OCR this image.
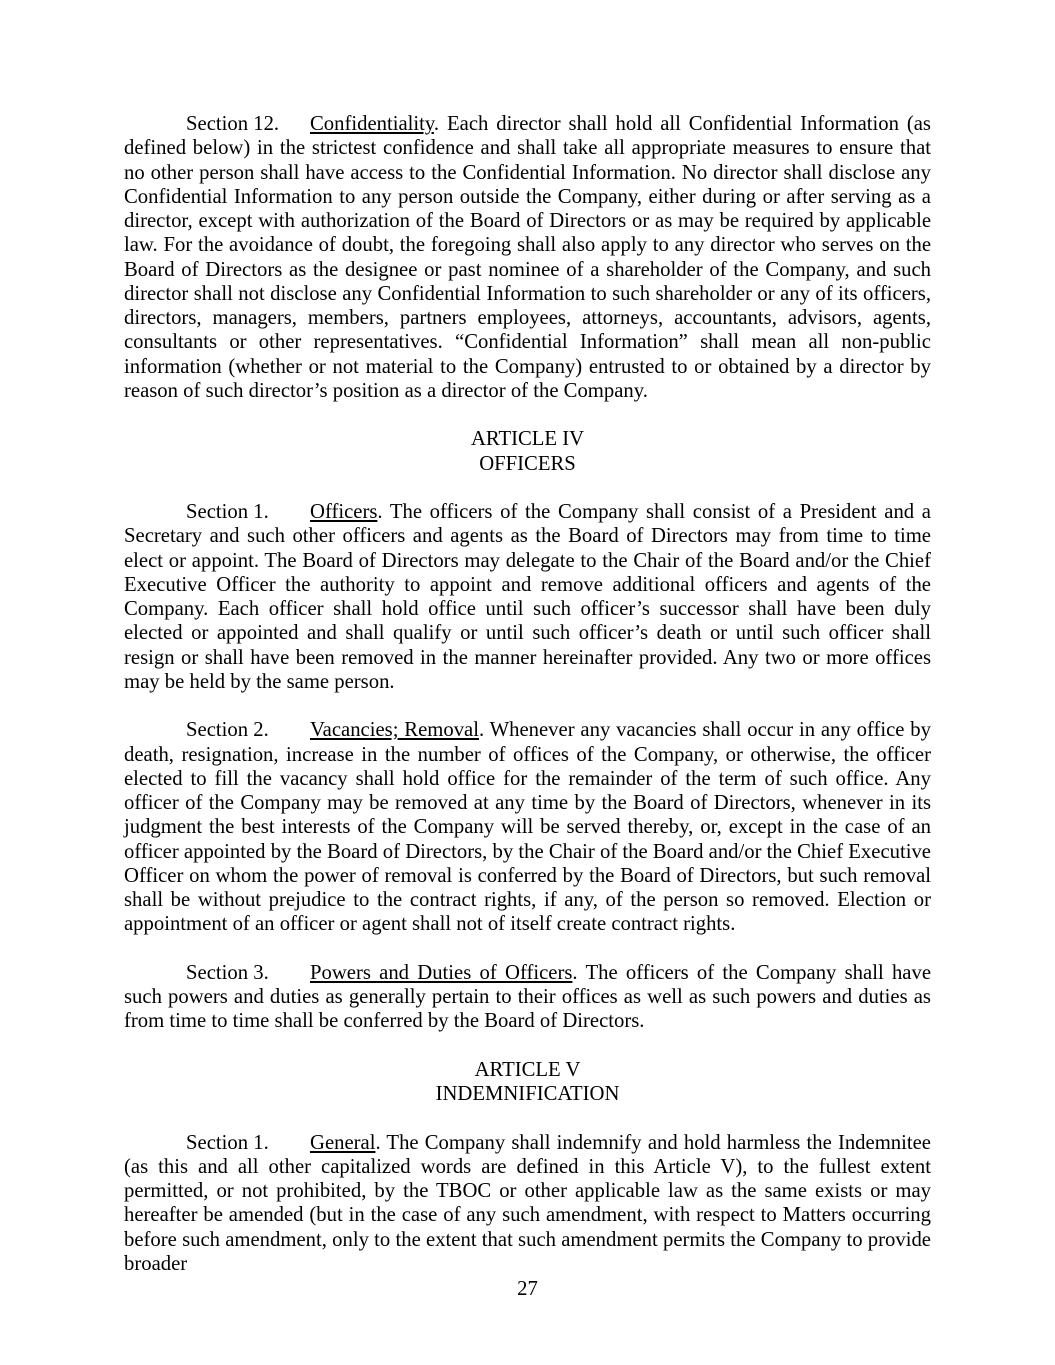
Section 12. Confidentiality. Each director shall hold all Confidential Information (as defined below) in the strictest confidence and shall take all appropriate measures to ensure that no other person shall have access to the Confidential Information. No director shall disclose any Confidential Information to any person outside the Company, either during or after serving as a director, except with authorization of the Board of Directors or as may be required by applicable law. For the avoidance of doubt, the foregoing shall also apply to any director who serves on the Board of Directors as the designee or past nominee of a shareholder of the Company, and such director shall not disclose any Confidential Information to such shareholder or any of its officers, directors, managers, members, partners employees, attorneys, accountants, advisors, agents, consultants or other representatives. “Confidential Information” shall mean all non-public information (whether or not material to the Company) entrusted to or obtained by a director by reason of such director’s position as a director of the Company.

ARTICLE IV
OFFICERS

Section 1. Officers. The officers of the Company shall consist of a President and a Secretary and such other officers and agents as the Board of Directors may from time to time elect or appoint. The Board of Directors may delegate to the Chair of the Board and/or the Chief Executive Officer the authority to appoint and remove additional officers and agents of the Company. Each officer shall hold office until such officer’s successor shall have been duly elected or appointed and shall qualify or until such officer’s death or until such officer shall resign or shall have been removed in the manner hereinafter provided. Any two or more offices may be held by the same person.

Section 2. Vacancies; Removal. Whenever any vacancies shall occur in any office by death, resignation, increase in the number of offices of the Company, or otherwise, the officer elected to fill the vacancy shall hold office for the remainder of the term of such office. Any officer of the Company may be removed at any time by the Board of Directors, whenever in its judgment the best interests of the Company will be served thereby, or, except in the case of an officer appointed by the Board of Directors, by the Chair of the Board and/or the Chief Executive Officer on whom the power of removal is conferred by the Board of Directors, but such removal shall be without prejudice to the contract rights, if any, of the person so removed. Election or appointment of an officer or agent shall not of itself create contract rights.

Section 3. Powers and Duties of Officers. The officers of the Company shall have such powers and duties as generally pertain to their offices as well as such powers and duties as from time to time shall be conferred by the Board of Directors.

ARTICLE V
INDEMNIFICATION

Section 1. General. The Company shall indemnify and hold harmless the Indemnitee (as this and all other capitalized words are defined in this Article V), to the fullest extent permitted, or not prohibited, by the TBOC or other applicable law as the same exists or may hereafter be amended (but in the case of any such amendment, with respect to Matters occurring before such amendment, only to the extent that such amendment permits the Company to provide broader

27
